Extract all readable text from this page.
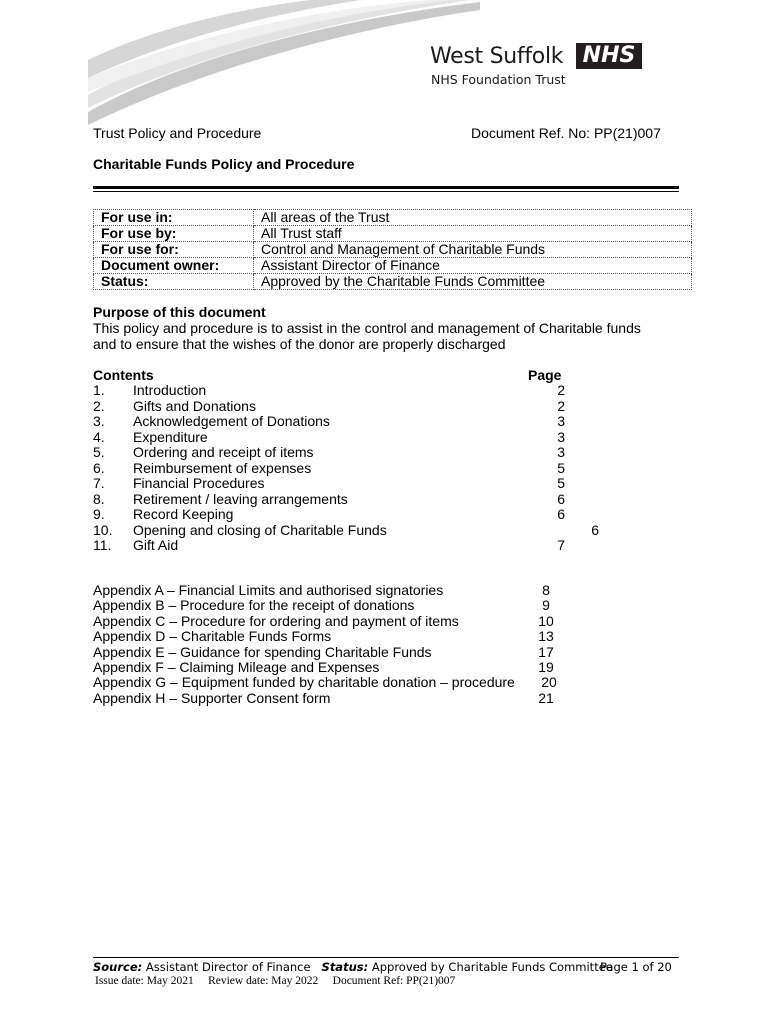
West Suffolk NHS
NHS Foundation Trust
Trust Policy and Procedure	Document Ref. No: PP(21)007
Charitable Funds Policy and Procedure
For use in:	All areas of the Trust
For use by:	All Trust staff
For use for:	Control and Management of Charitable Funds
Document owner:	Assistant Director of Finance
Status:	Approved by the Charitable Funds Committee
Purpose of this document
This policy and procedure is to assist in the control and management of Charitable funds
and to ensure that the wishes of the donor are properly discharged
Contents	Page
1. Introduction	2
2. Gifts and Donations	2
3. Acknowledgement of Donations	3
4. Expenditure	3
5. Ordering and receipt of items	3
6. Reimbursement of expenses	5
7. Financial Procedures	5
8. Retirement / leaving arrangements	6
9. Record Keeping	6
10. Opening and closing of Charitable Funds	6
11. Gift Aid	7
Appendix A – Financial Limits and authorised signatories	8
Appendix B – Procedure for the receipt of donations	9
Appendix C – Procedure for ordering and payment of items	10
Appendix D – Charitable Funds Forms	13
Appendix E – Guidance for spending Charitable Funds	17
Appendix F – Claiming Mileage and Expenses	19
Appendix G – Equipment funded by charitable donation – procedure	20
Appendix H – Supporter Consent form	21
Source: Assistant Director of Finance Status: Approved by Charitable Funds Committee
Page 1 of 20
Issue date: May 2021 Review date: May 2022 Document Ref: PP(21)007
